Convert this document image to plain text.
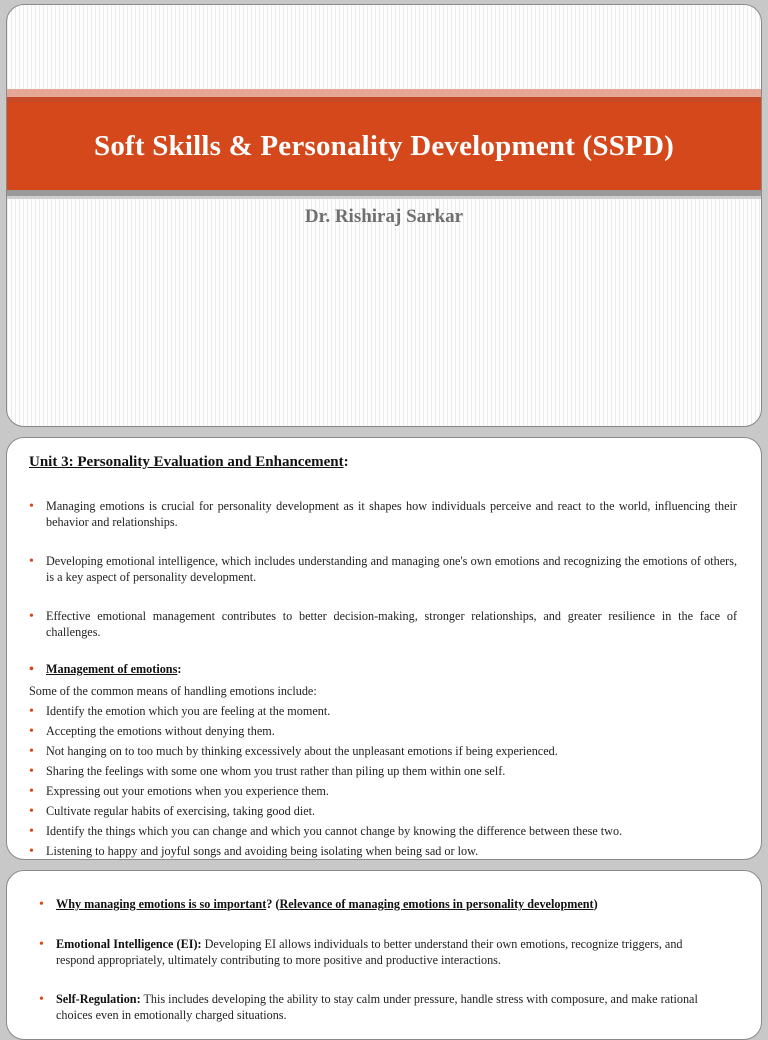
Soft Skills & Personality Development (SSPD)
Dr. Rishiraj Sarkar
Unit 3: Personality Evaluation and Enhancement:
• Managing emotions is crucial for personality development as it shapes how individuals perceive and react to the world, influencing their behavior and relationships.
• Developing emotional intelligence, which includes understanding and managing one's own emotions and recognizing the emotions of others, is a key aspect of personality development.
• Effective emotional management contributes to better decision-making, stronger relationships, and greater resilience in the face of challenges.
• Management of emotions:
Some of the common means of handling emotions include:
• Identify the emotion which you are feeling at the moment.
• Accepting the emotions without denying them.
• Not hanging on to too much by thinking excessively about the unpleasant emotions if being experienced.
• Sharing the feelings with some one whom you trust rather than piling up them within one self.
• Expressing out your emotions when you experience them.
• Cultivate regular habits of exercising, taking good diet.
• Identify the things which you can change and which you cannot change by knowing the difference between these two.
• Listening to happy and joyful songs and avoiding being isolating when being sad or low.
• Why managing emotions is so important? (Relevance of managing emotions in personality development)
• Emotional Intelligence (EI): Developing EI allows individuals to better understand their own emotions, recognize triggers, and respond appropriately, ultimately contributing to more positive and productive interactions.
• Self-Regulation: This includes developing the ability to stay calm under pressure, handle stress with composure, and make rational choices even in emotionally charged situations.
